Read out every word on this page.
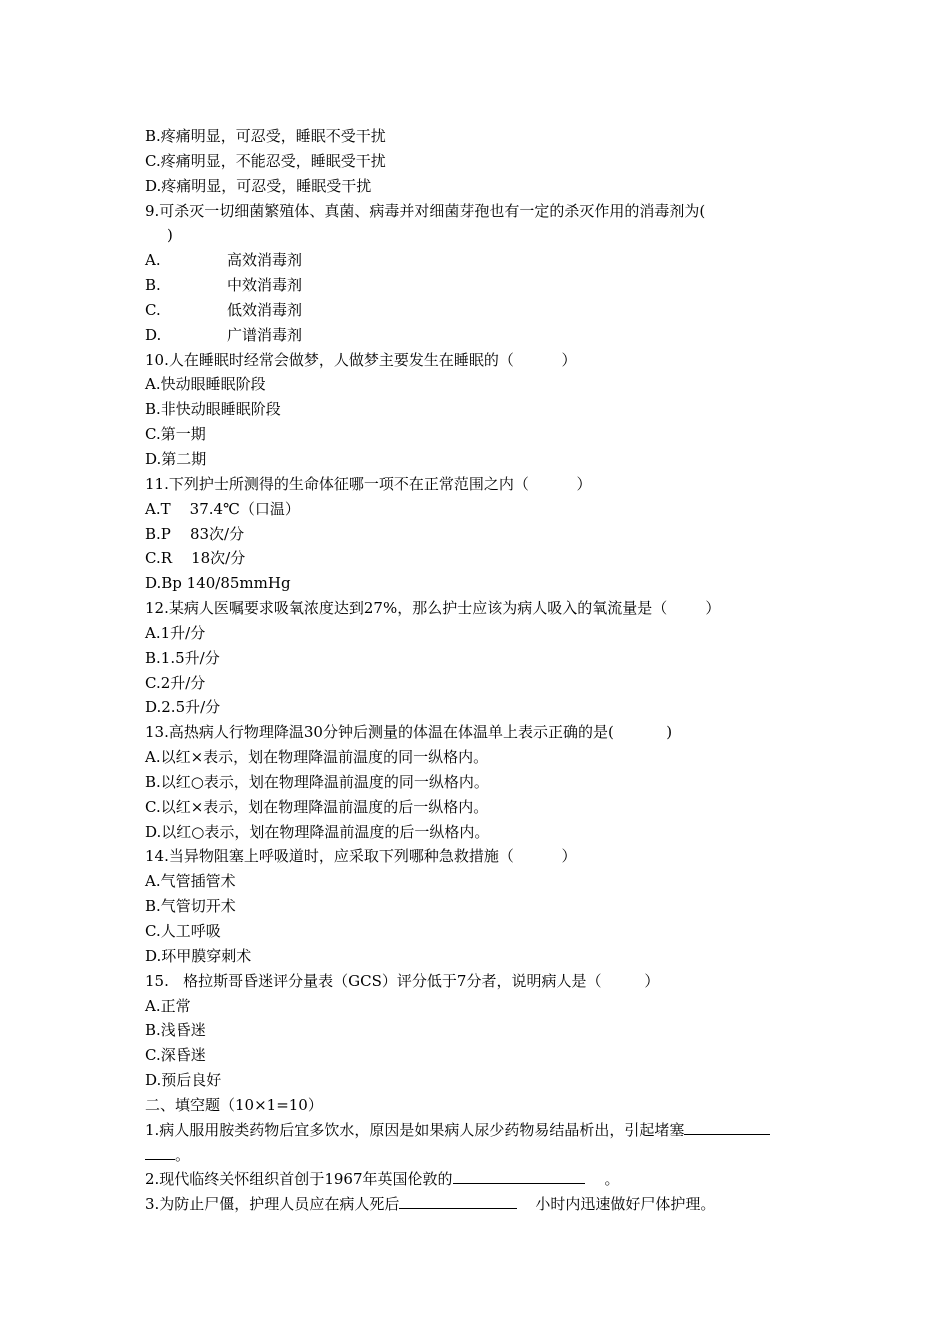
B.疼痛明显，可忍受，睡眠不受干扰
C.疼痛明显，不能忍受，睡眠受干扰
D.疼痛明显，可忍受，睡眠受干扰
9.可杀灭一切细菌繁殖体、真菌、病毒并对细菌芽孢也有一定的杀灭作用的消毒剂为(
)
A.	高效消毒剂
B.	中效消毒剂
C.	低效消毒剂
D.	广谱消毒剂
10.人在睡眠时经常会做梦，人做梦主要发生在睡眠的（          ）
A.快动眼睡眠阶段
B.非快动眼睡眠阶段
C.第一期
D.第二期
11.下列护士所测得的生命体征哪一项不在正常范围之内（          ）
A.T    37.4℃（口温）
B.P    83次/分
C.R    18次/分
D.Bp 140/85mmHg
12.某病人医嘱要求吸氧浓度达到27%，那么护士应该为病人吸入的氧流量是（        ）
A.1升/分
B.1.5升/分
C.2升/分
D.2.5升/分
13.高热病人行物理降温30分钟后测量的体温在体温单上表示正确的是(           )
A.以红×表示，划在物理降温前温度的同一纵格内。
B.以红○表示，划在物理降温前温度的同一纵格内。
C.以红×表示，划在物理降温前温度的后一纵格内。
D.以红○表示，划在物理降温前温度的后一纵格内。
14.当异物阻塞上呼吸道时，应采取下列哪种急救措施（          ）
A.气管插管术
B.气管切开术
C.人工呼吸
D.环甲膜穿刺术
15.   格拉斯哥昏迷评分量表（GCS）评分低于7分者，说明病人是（         ）
A.正常
B.浅昏迷
C.深昏迷
D.预后良好
二、填空题（10×1=10）
1.病人服用胺类药物后宜多饮水，原因是如果病人尿少药物易结晶析出，引起堵塞
。
2.现代临终关怀组织首创于1967年英国伦敦的	。
3.为防止尸僵，护理人员应在病人死后	小时内迅速做好尸体护理。
